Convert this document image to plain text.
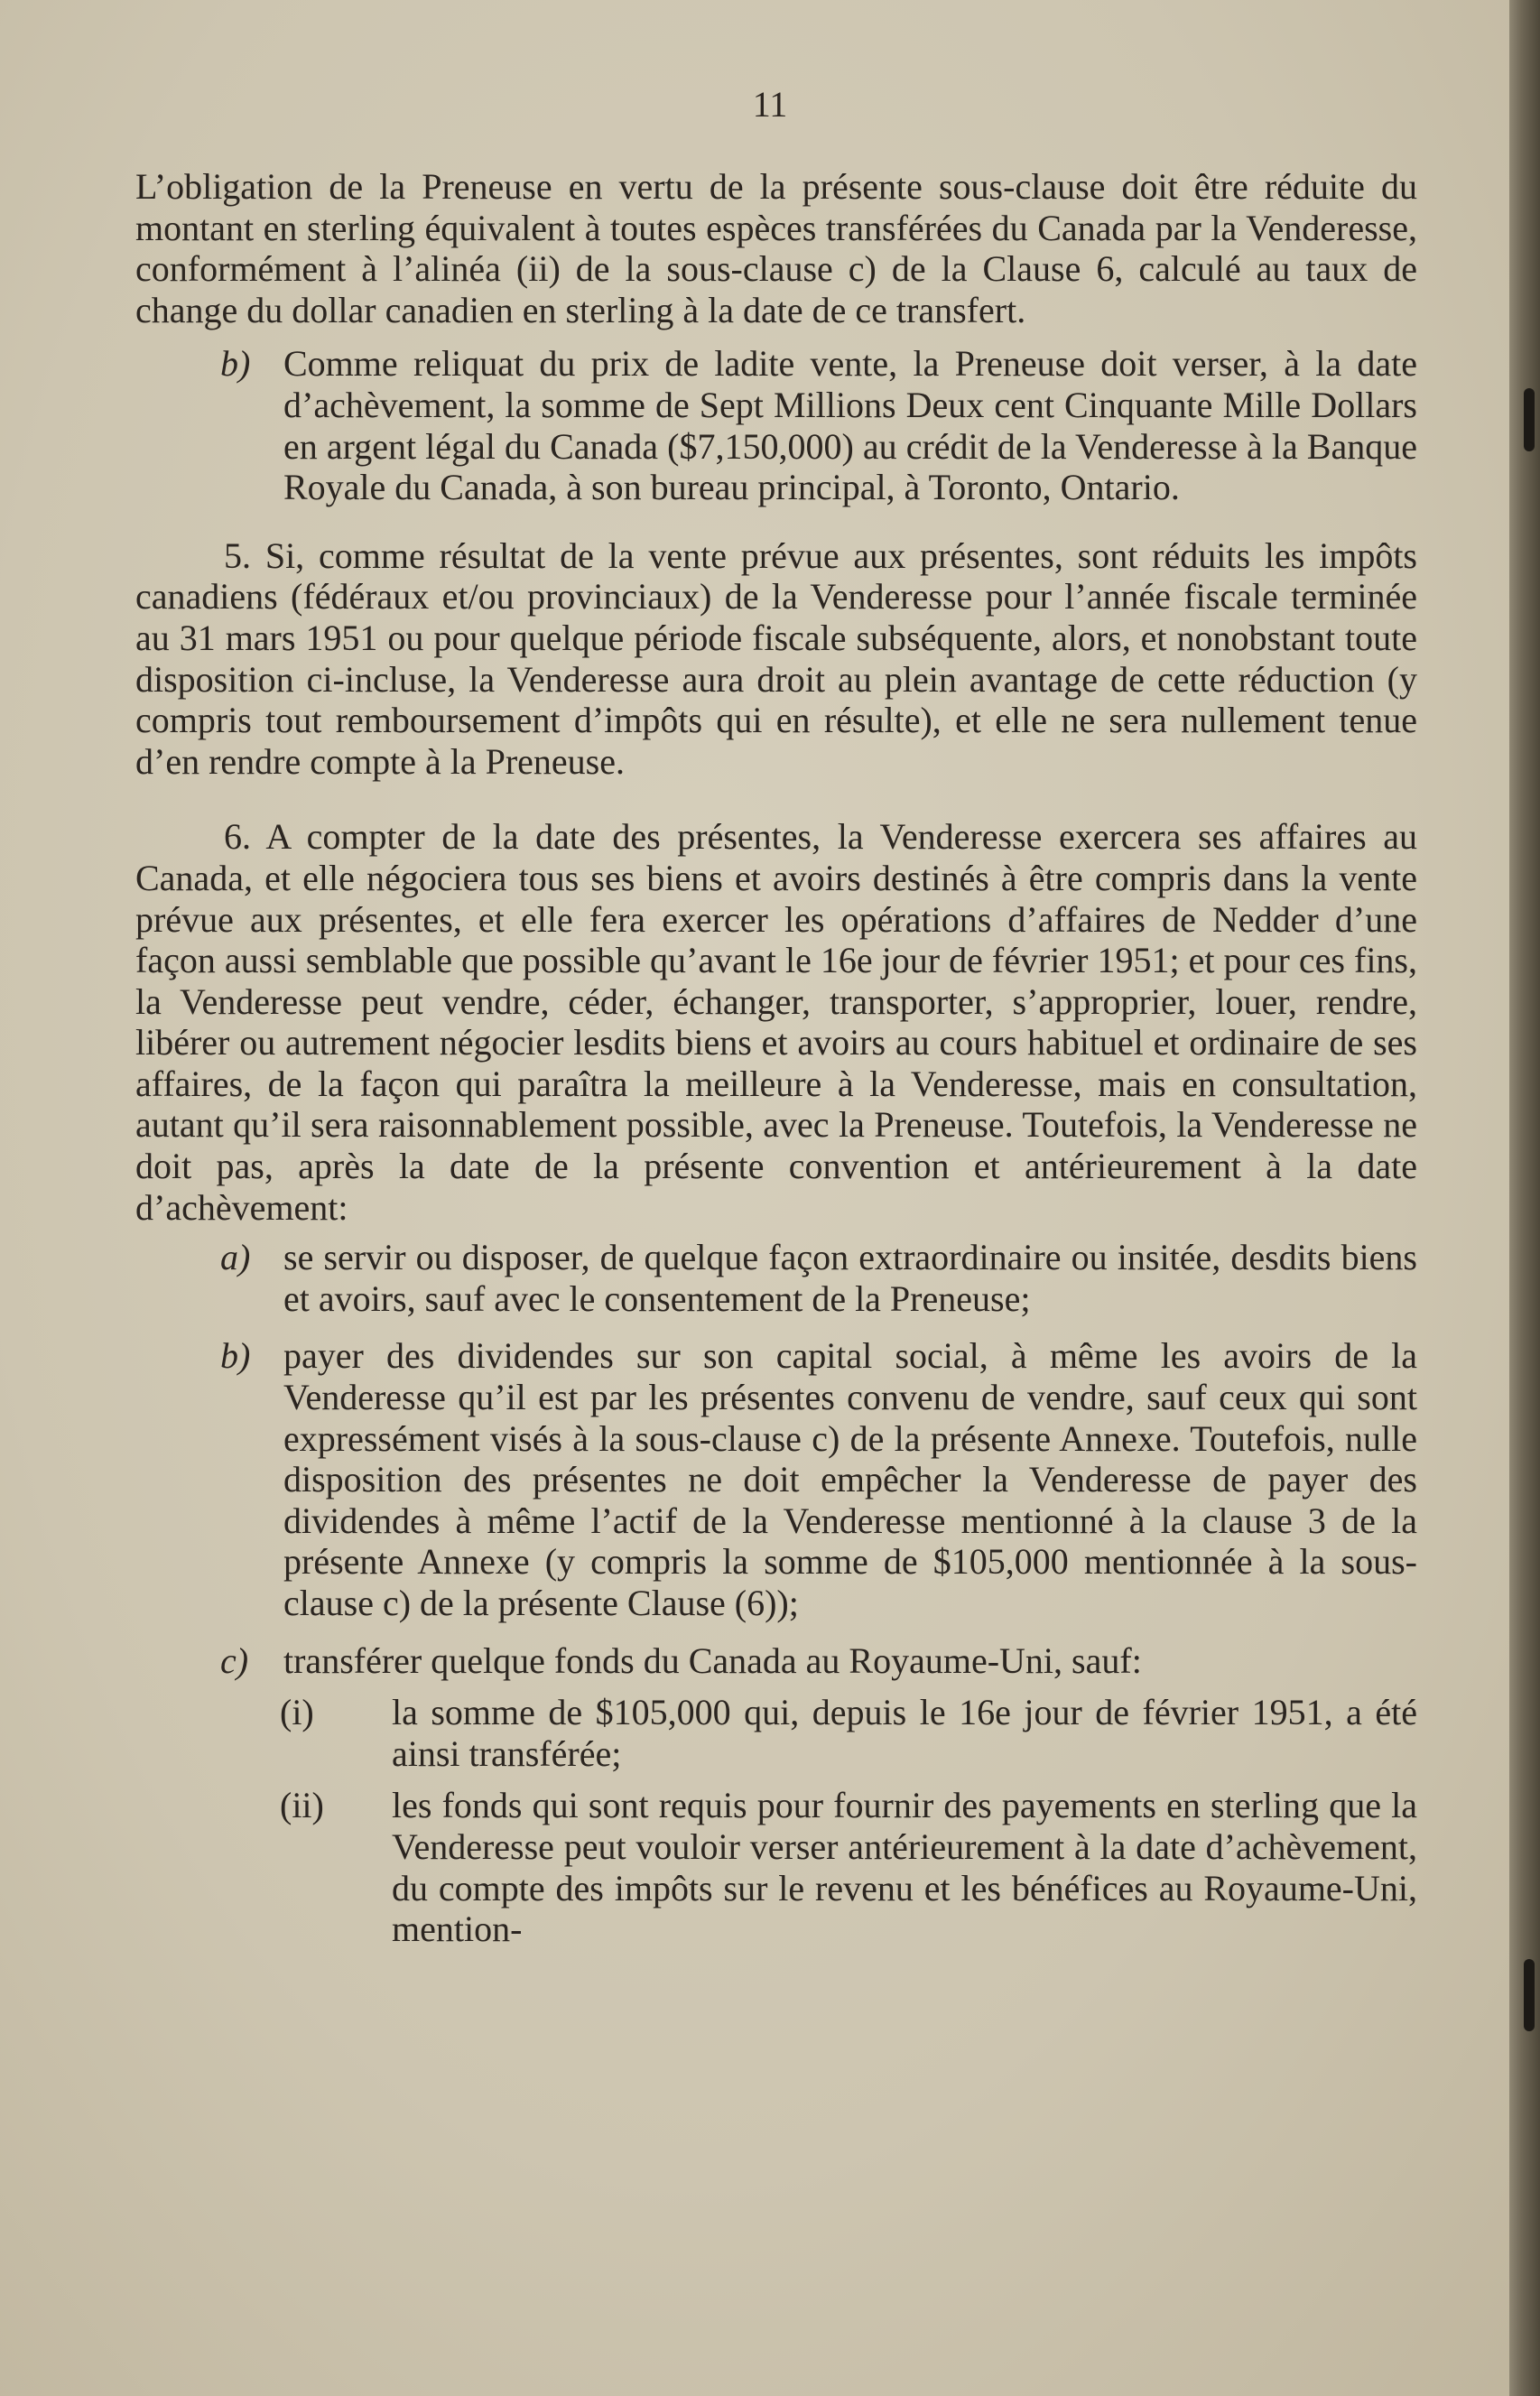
11

L’obligation de la Preneuse en vertu de la présente sous-clause doit être réduite du montant en sterling équivalent à toutes espèces transférées du Canada par la Venderesse, conformément à l’alinéa (ii) de la sous-clause c) de la Clause 6, calculé au taux de change du dollar canadien en sterling à la date de ce transfert.

b) Comme reliquat du prix de ladite vente, la Preneuse doit verser, à la date d’achèvement, la somme de Sept Millions Deux cent Cinquante Mille Dollars en argent légal du Canada ($7,150,000) au crédit de la Venderesse à la Banque Royale du Canada, à son bureau principal, à Toronto, Ontario.

5. Si, comme résultat de la vente prévue aux présentes, sont réduits les impôts canadiens (fédéraux et/ou provinciaux) de la Venderesse pour l’année fiscale terminée au 31 mars 1951 ou pour quelque période fiscale subséquente, alors, et nonobstant toute disposition ci-incluse, la Venderesse aura droit au plein avantage de cette réduction (y compris tout remboursement d’impôts qui en résulte), et elle ne sera nullement tenue d’en rendre compte à la Preneuse.

6. A compter de la date des présentes, la Venderesse exercera ses affaires au Canada, et elle négociera tous ses biens et avoirs destinés à être compris dans la vente prévue aux présentes, et elle fera exercer les opérations d’affaires de Nedder d’une façon aussi semblable que possible qu’avant le 16e jour de février 1951; et pour ces fins, la Venderesse peut vendre, céder, échanger, transporter, s’approprier, louer, rendre, libérer ou autrement négocier lesdits biens et avoirs au cours habituel et ordinaire de ses affaires, de la façon qui paraîtra la meilleure à la Venderesse, mais en consultation, autant qu’il sera raisonnablement possible, avec la Preneuse. Toutefois, la Venderesse ne doit pas, après la date de la présente convention et antérieurement à la date d’achèvement:

a) se servir ou disposer, de quelque façon extraordinaire ou insitée, desdits biens et avoirs, sauf avec le consentement de la Preneuse;
b) payer des dividendes sur son capital social, à même les avoirs de la Venderesse qu’il est par les présentes convenu de vendre, sauf ceux qui sont expressément visés à la sous-clause c) de la présente Annexe. Toutefois, nulle disposition des présentes ne doit empêcher la Venderesse de payer des dividendes à même l’actif de la Venderesse mentionné à la clause 3 de la présente Annexe (y compris la somme de $105,000 mentionnée à la sous-clause c) de la présente Clause (6));
c) transférer quelque fonds du Canada au Royaume-Uni, sauf:
(i)	la somme de $105,000 qui, depuis le 16e jour de février 1951, a été ainsi transférée;
(ii) les fonds qui sont requis pour fournir des payements en sterling que la Venderesse peut vouloir verser antérieurement à la date d’achèvement, du compte des impôts sur le revenu et les bénéfices au Royaume-Uni, mention-
